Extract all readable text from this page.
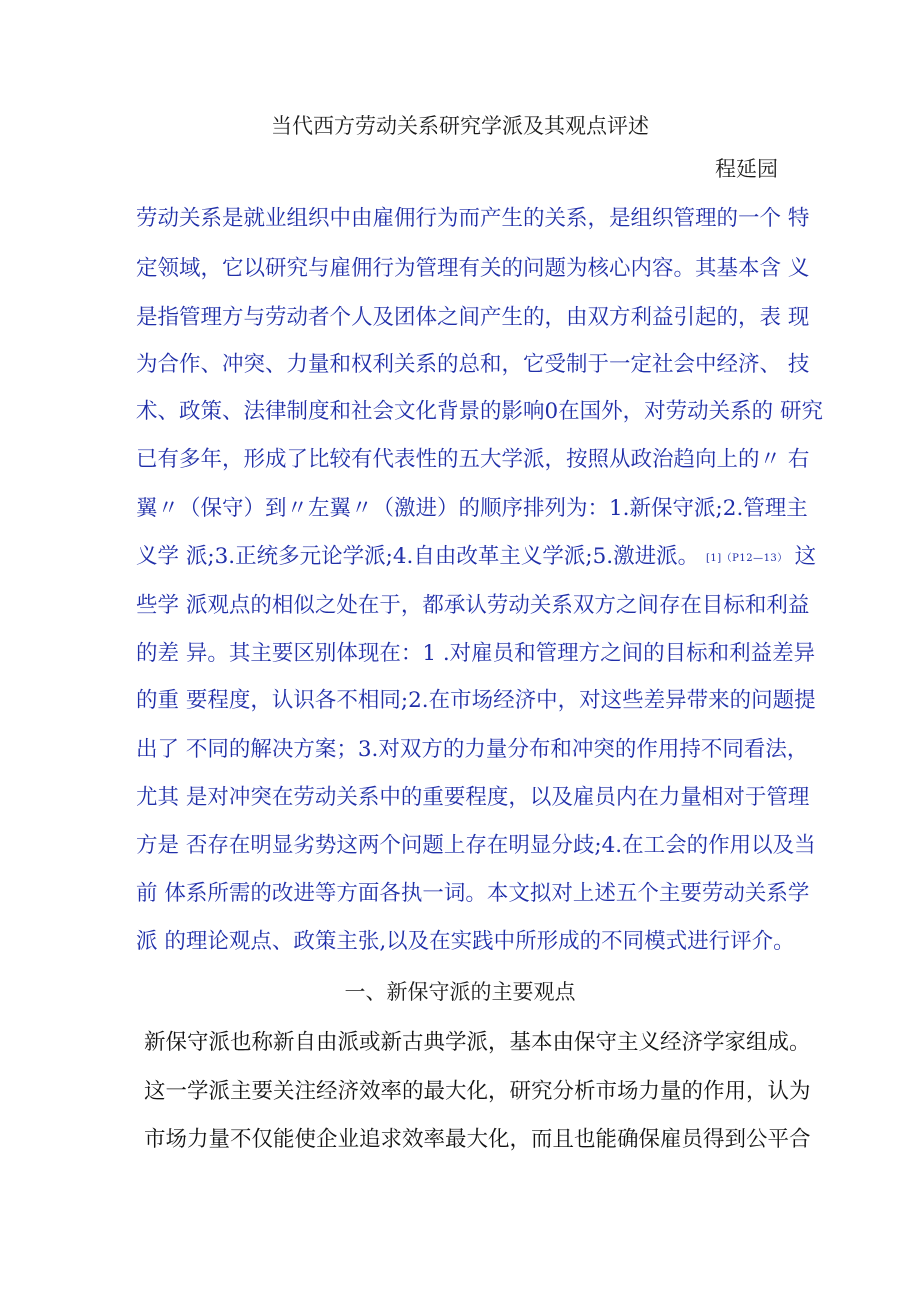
当代西方劳动关系研究学派及其观点评述
程延园
劳动关系是就业组织中由雇佣行为而产生的关系，是组织管理的一个 特
定领域，它以研究与雇佣行为管理有关的问题为核心内容。其基本含 义
是指管理方与劳动者个人及团体之间产生的，由双方利益引起的，表 现
为合作、冲突、力量和权利关系的总和，它受制于一定社会中经济、 技
术、政策、法律制度和社会文化背景的影响0在国外，对劳动关系的 研究
已有多年，形成了比较有代表性的五大学派，按照从政治趋向上的〃 右
翼〃（保守）到〃左翼〃（激进）的顺序排列为：1.新保守派;2.管理主
义学 派;3.正统多元论学派;4.自由改革主义学派;5.激进派。 [1]（P12—13） 这
些学 派观点的相似之处在于，都承认劳动关系双方之间存在目标和利益
的差 异。其主要区别体现在：1 .对雇员和管理方之间的目标和利益差异
的重 要程度，认识各不相同;2.在市场经济中，对这些差异带来的问题提
出了 不同的解决方案；3.对双方的力量分布和冲突的作用持不同看法，
尤其 是对冲突在劳动关系中的重要程度，以及雇员内在力量相对于管理
方是 否存在明显劣势这两个问题上存在明显分歧;4.在工会的作用以及当
前 体系所需的改进等方面各执一词。本文拟对上述五个主要劳动关系学
派 的理论观点、政策主张,以及在实践中所形成的不同模式进行评介。
一、新保守派的主要观点
新保守派也称新自由派或新古典学派，基本由保守主义经济学家组成。
这一学派主要关注经济效率的最大化，研究分析市场力量的作用，认为
市场力量不仅能使企业追求效率最大化，而且也能确保雇员得到公平合
